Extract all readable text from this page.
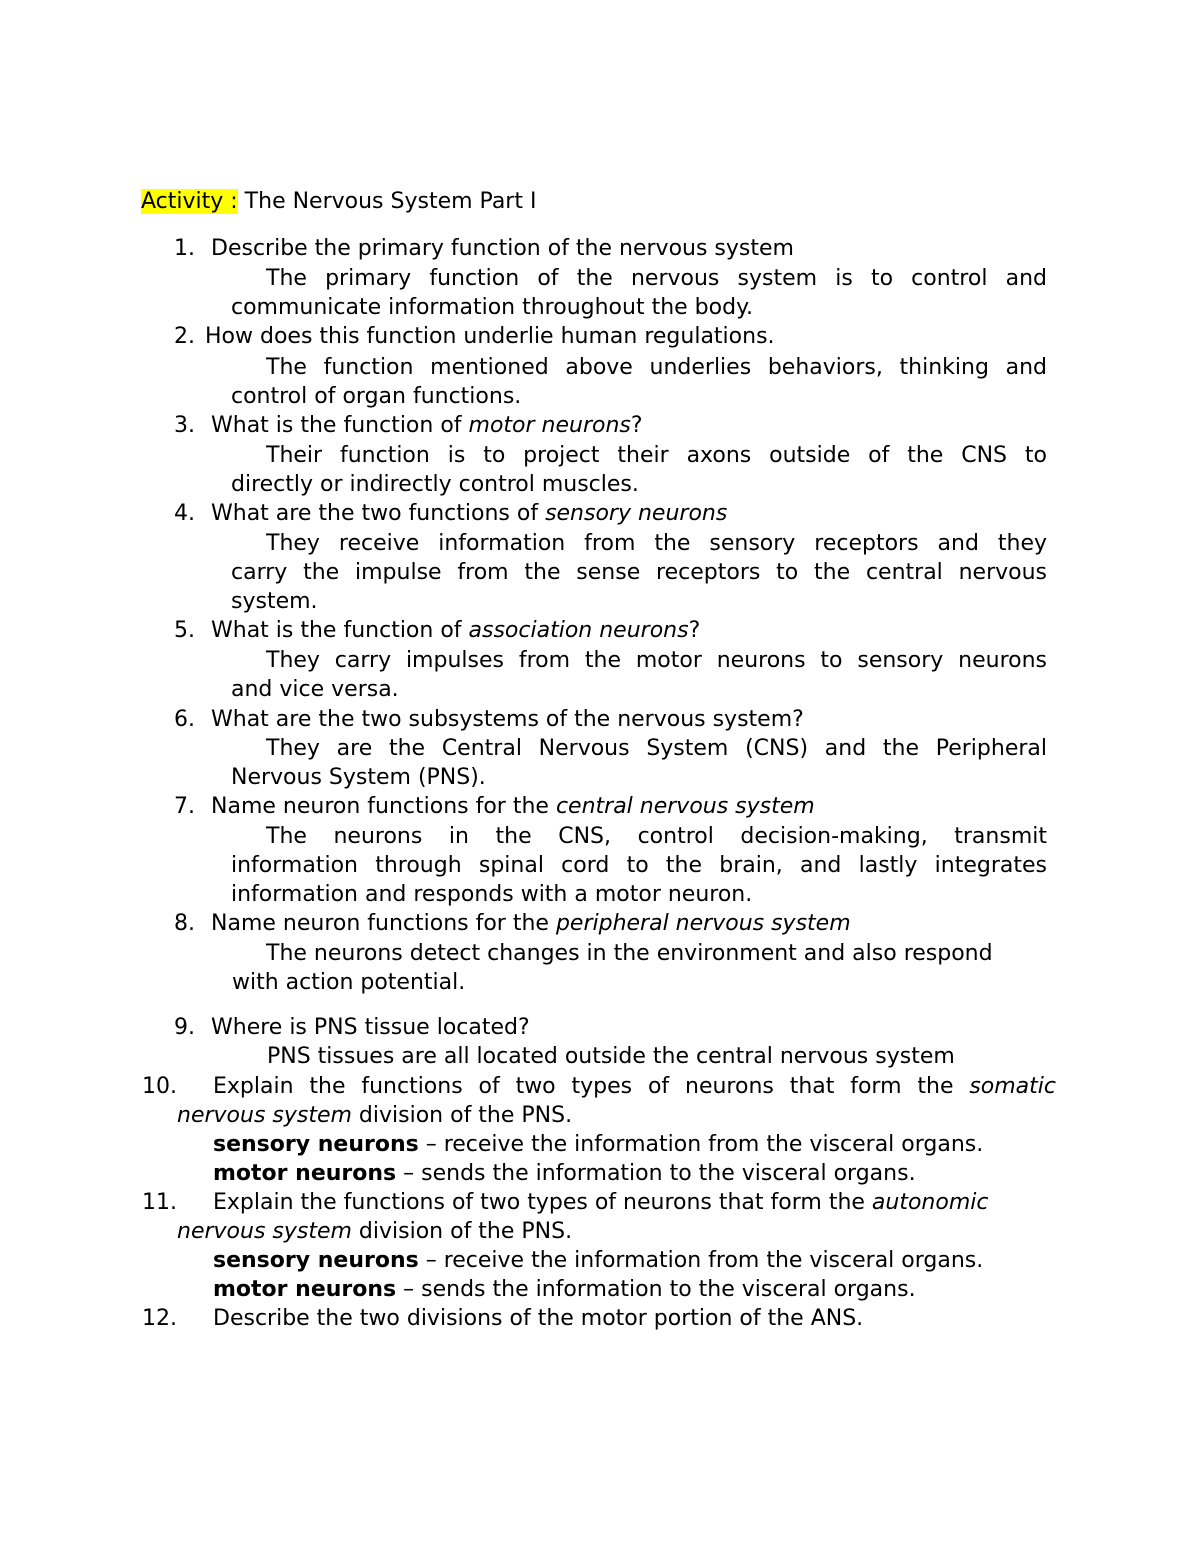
Activity : The Nervous System Part I
1. Describe the primary function of the nervous system
The primary function of the nervous system is to control and
communicate information throughout the body.
2. How does this function underlie human regulations.
The function mentioned above underlies behaviors, thinking and
control of organ functions.
3. What is the function of motor neurons?
Their function is to project their axons outside of the CNS to
directly or indirectly control muscles.
4. What are the two functions of sensory neurons
They receive information from the sensory receptors and they
carry the impulse from the sense receptors to the central nervous
system.
5. What is the function of association neurons?
They carry impulses from the motor neurons to sensory neurons
and vice versa.
6. What are the two subsystems of the nervous system?
They are the Central Nervous System (CNS) and the Peripheral
Nervous System (PNS).
7. Name neuron functions for the central nervous system
The neurons in the CNS, control decision-making, transmit
information through spinal cord to the brain, and lastly integrates
information and responds with a motor neuron.
8. Name neuron functions for the peripheral nervous system
The neurons detect changes in the environment and also respond
with action potential.
9. Where is PNS tissue located?
PNS tissues are all located outside the central nervous system
10. Explain the functions of two types of neurons that form the somatic
nervous system division of the PNS.
sensory neurons – receive the information from the visceral organs.
motor neurons – sends the information to the visceral organs.
11. Explain the functions of two types of neurons that form the autonomic
nervous system division of the PNS.
sensory neurons – receive the information from the visceral organs.
motor neurons – sends the information to the visceral organs.
12. Describe the two divisions of the motor portion of the ANS.
